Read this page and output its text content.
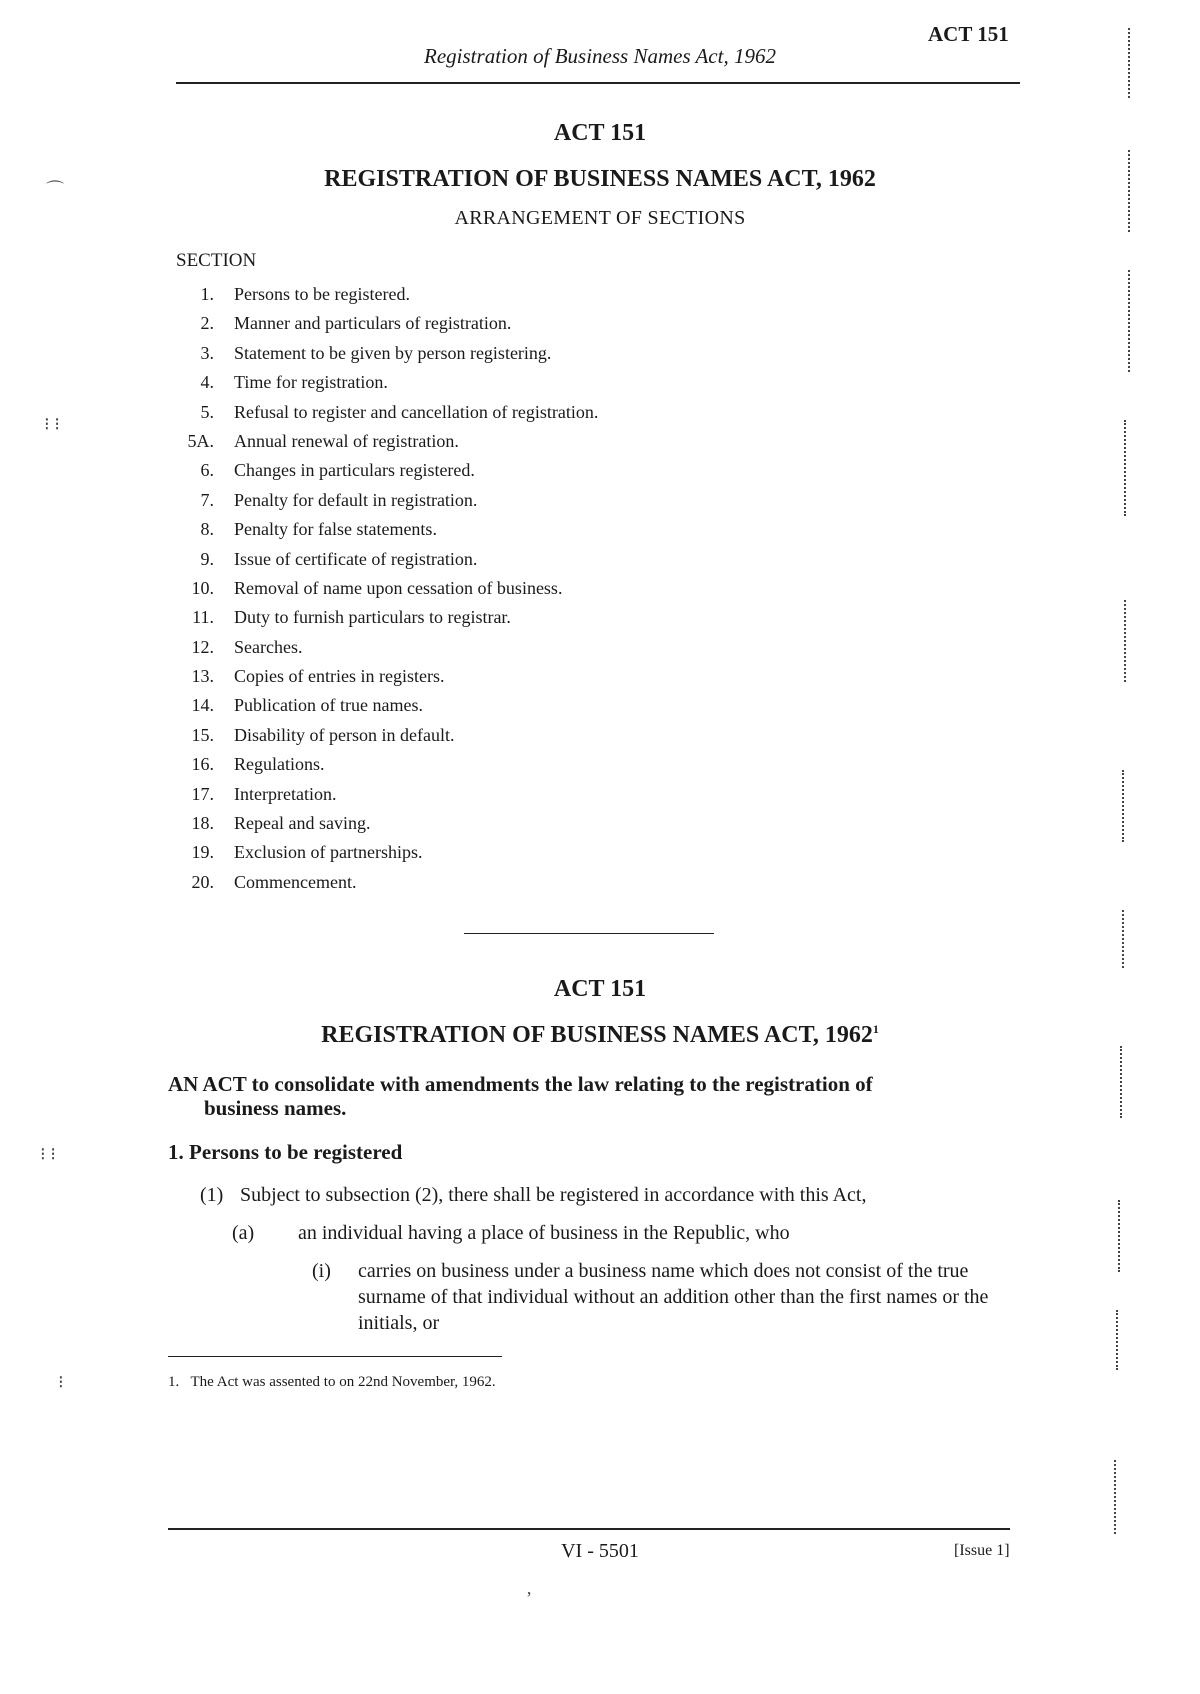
ACT 151
Registration of Business Names Act, 1962
ACT 151
REGISTRATION OF BUSINESS NAMES ACT, 1962
ARRANGEMENT OF SECTIONS
SECTION
1. Persons to be registered.
2. Manner and particulars of registration.
3. Statement to be given by person registering.
4. Time for registration.
5. Refusal to register and cancellation of registration.
5A. Annual renewal of registration.
6. Changes in particulars registered.
7. Penalty for default in registration.
8. Penalty for false statements.
9. Issue of certificate of registration.
10. Removal of name upon cessation of business.
11. Duty to furnish particulars to registrar.
12. Searches.
13. Copies of entries in registers.
14. Publication of true names.
15. Disability of person in default.
16. Regulations.
17. Interpretation.
18. Repeal and saving.
19. Exclusion of partnerships.
20. Commencement.
ACT 151
REGISTRATION OF BUSINESS NAMES ACT, 1962$^1$
AN ACT to consolidate with amendments the law relating to the registration of
business names.
1. Persons to be registered
(1) Subject to subsection (2), there shall be registered in accordance with this Act,
(a) an individual having a place of business in the Republic, who
(i) carries on business under a business name which does not consist of the true surname of that individual without an addition other than the first names or the initials, or
1. The Act was assented to on 22nd November, 1962.
VI - 5501	[Issue 1]
⌒
⁝ ⁝
⁝ ⁝
⁝
ʼ
